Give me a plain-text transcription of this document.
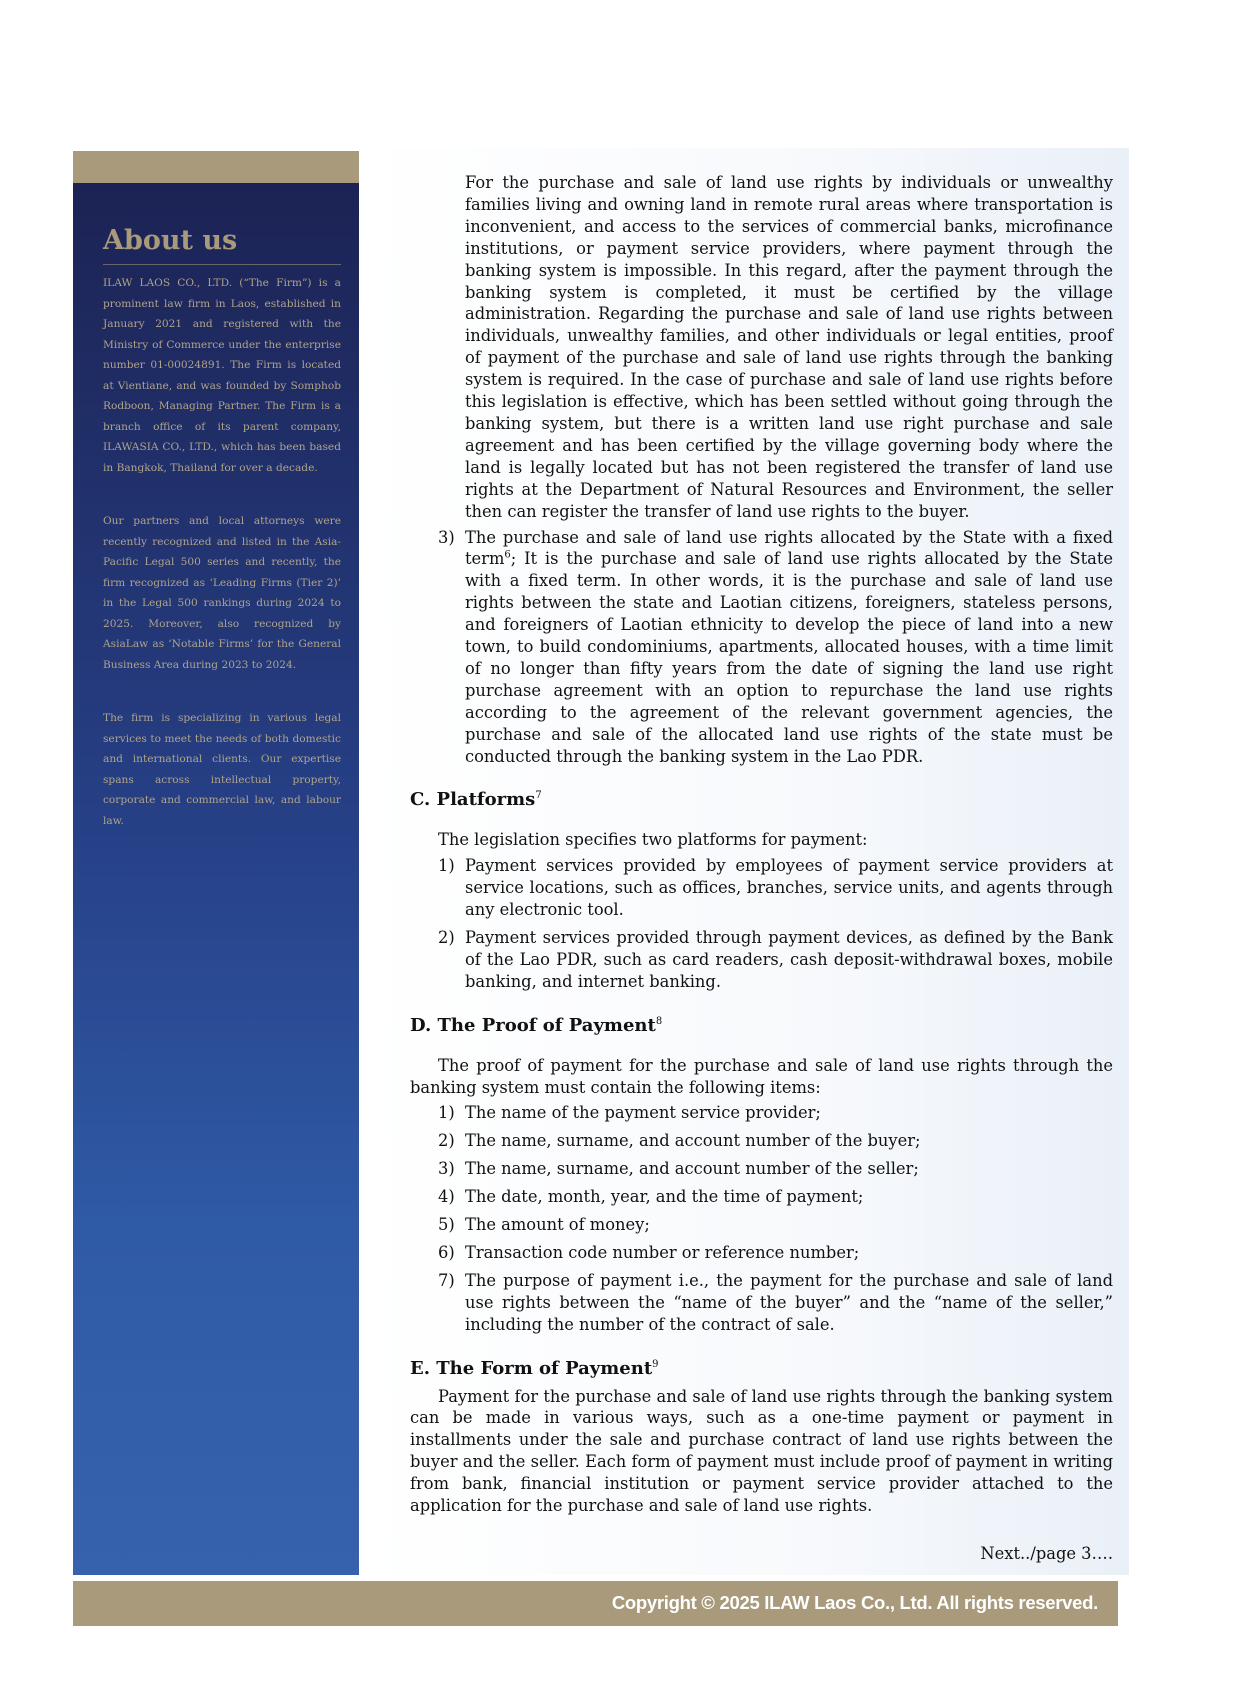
About us

ILAW LAOS CO., LTD. (“The Firm”) is a prominent law firm in Laos, established in January 2021 and registered with the Ministry of Commerce under the enterprise number 01-00024891. The Firm is located at Vientiane, and was founded by Somphob Rodboon, Managing Partner. The Firm is a branch office of its parent company, ILAWASIA CO., LTD., which has been based in Bangkok, Thailand for over a decade.

Our partners and local attorneys were recently recognized and listed in the Asia-Pacific Legal 500 series and recently, the firm recognized as ‘Leading Firms (Tier 2)’ in the Legal 500 rankings during 2024 to 2025. Moreover, also recognized by AsiaLaw as ‘Notable Firms’ for the General Business Area during 2023 to 2024.

The firm is specializing in various legal services to meet the needs of both domestic and international clients. Our expertise spans across intellectual property, corporate and commercial law, and labour law.

For the purchase and sale of land use rights by individuals or unwealthy families living and owning land in remote rural areas where transportation is inconvenient, and access to the services of commercial banks, microfinance institutions, or payment service providers, where payment through the banking system is impossible. In this regard, after the payment through the banking system is completed, it must be certified by the village administration. Regarding the purchase and sale of land use rights between individuals, unwealthy families, and other individuals or legal entities, proof of payment of the purchase and sale of land use rights through the banking system is required. In the case of purchase and sale of land use rights before this legislation is effective, which has been settled without going through the banking system, but there is a written land use right purchase and sale agreement and has been certified by the village governing body where the land is legally located but has not been registered the transfer of land use rights at the Department of Natural Resources and Environment, the seller then can register the transfer of land use rights to the buyer.

3) The purchase and sale of land use rights allocated by the State with a fixed term$^6$; It is the purchase and sale of land use rights allocated by the State with a fixed term. In other words, it is the purchase and sale of land use rights between the state and Laotian citizens, foreigners, stateless persons, and foreigners of Laotian ethnicity to develop the piece of land into a new town, to build condominiums, apartments, allocated houses, with a time limit of no longer than fifty years from the date of signing the land use right purchase agreement with an option to repurchase the land use rights according to the agreement of the relevant government agencies, the purchase and sale of the allocated land use rights of the state must be conducted through the banking system in the Lao PDR.

C. Platforms$^7$

The legislation specifies two platforms for payment:

1) Payment services provided by employees of payment service providers at service locations, such as offices, branches, service units, and agents through any electronic tool.
2) Payment services provided through payment devices, as defined by the Bank of the Lao PDR, such as card readers, cash deposit-withdrawal boxes, mobile banking, and internet banking.

D. The Proof of Payment$^8$

The proof of payment for the purchase and sale of land use rights through the banking system must contain the following items:

1) The name of the payment service provider;
2) The name, surname, and account number of the buyer;
3) The name, surname, and account number of the seller;
4) The date, month, year, and the time of payment;
5) The amount of money;
6) Transaction code number or reference number;
7) The purpose of payment i.e., the payment for the purchase and sale of land use rights between the “name of the buyer” and the “name of the seller,” including the number of the contract of sale.

E. The Form of Payment$^9$

Payment for the purchase and sale of land use rights through the banking system can be made in various ways, such as a one-time payment or payment in installments under the sale and purchase contract of land use rights between the buyer and the seller. Each form of payment must include proof of payment in writing from bank, financial institution or payment service provider attached to the application for the purchase and sale of land use rights.

Next../page 3….

Copyright © 2025 ILAW Laos Co., Ltd. All rights reserved.
